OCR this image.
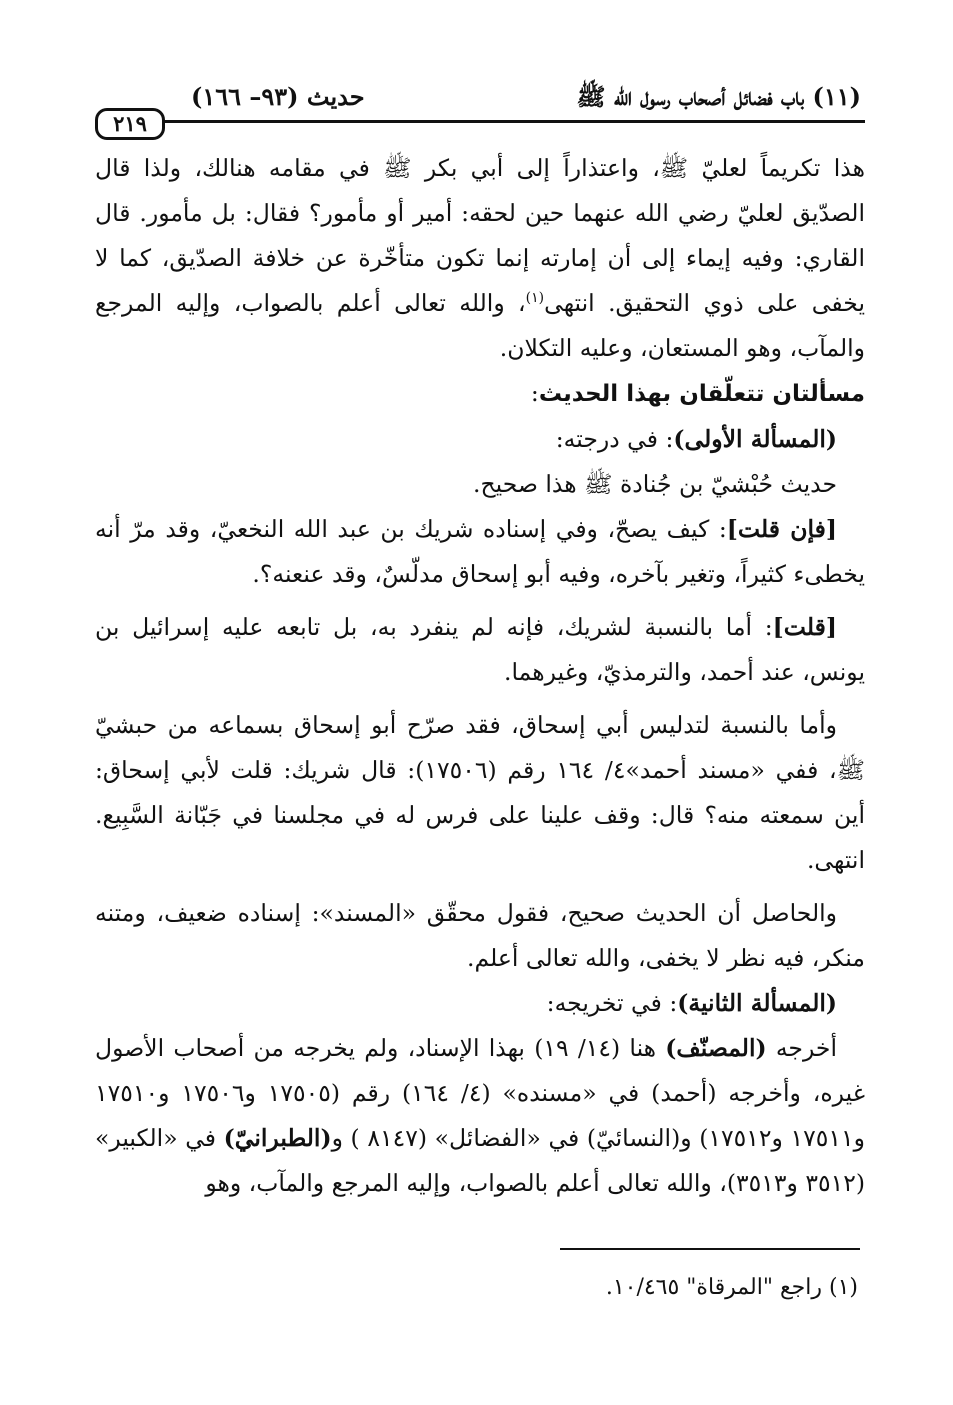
(١١) باب فضائل أصحاب رسول الله ﷺ
حديث (٩٣– ١٦٦)
٢١٩

هذا تكريماً لعليّ ﷺ، واعتذاراً إلى أبي بكر ﷺ في مقامه هنالك، ولذا قال الصدّيق لعليّ رضي الله عنهما حين لحقه: أمير أو مأمور؟ فقال: بل مأمور. قال القاري: وفيه إيماء إلى أن إمارته إنما تكون متأخّرة عن خلافة الصدّيق، كما لا يخفى على ذوي التحقيق. انتهى$^{(١)}$، والله تعالى أعلم بالصواب، وإليه المرجع والمآب، وهو المستعان، وعليه التكلان.

مسألتان تتعلّقان بهذا الحديث:

(المسألة الأولى): في درجته:

حديث حُبْشيّ بن جُنادة ﷺ هذا صحيح.

[فإن قلت]: كيف يصحّ، وفي إسناده شريك بن عبد الله النخعيّ، وقد مرّ أنه يخطىء كثيراً، وتغير بآخره، وفيه أبو إسحاق مدلّسٌ، وقد عنعنه؟.

[قلت]: أما بالنسبة لشريك، فإنه لم ينفرد به، بل تابعه عليه إسرائيل بن يونس، عند أحمد، والترمذيّ، وغيرهما.

وأما بالنسبة لتدليس أبي إسحاق، فقد صرّح أبو إسحاق بسماعه من حبشيّ ﷺ، ففي «مسند أحمد»٤/ ١٦٤ رقم (١٧٥٠٦): قال شريك: قلت لأبي إسحاق: أين سمعته منه؟ قال: وقف علينا على فرس له في مجلسنا في جَبّانة السَّبِيع. انتهى.

والحاصل أن الحديث صحيح، فقول محقّق «المسند»: إسناده ضعيف، ومتنه منكر، فيه نظر لا يخفى، والله تعالى أعلم.

(المسألة الثانية): في تخريجه:

أخرجه (المصنّف) هنا (١٤/ ١٩) بهذا الإسناد، ولم يخرجه من أصحاب الأصول غيره، وأخرجه (أحمد) في «مسنده» (٤/ ١٦٤) رقم (١٧٥٠٥ و١٧٥٠٦ و١٧٥١٠ و١٧٥١١ و١٧٥١٢) و(النسائيّ) في «الفضائل» (٨١٤٧ ) و(الطبرانيّ) في «الكبير» (٣٥١٢ و٣٥١٣)، والله تعالى أعلم بالصواب، وإليه المرجع والمآب، وهو

(١) راجع "المرقاة" ١٠/٤٦٥.
